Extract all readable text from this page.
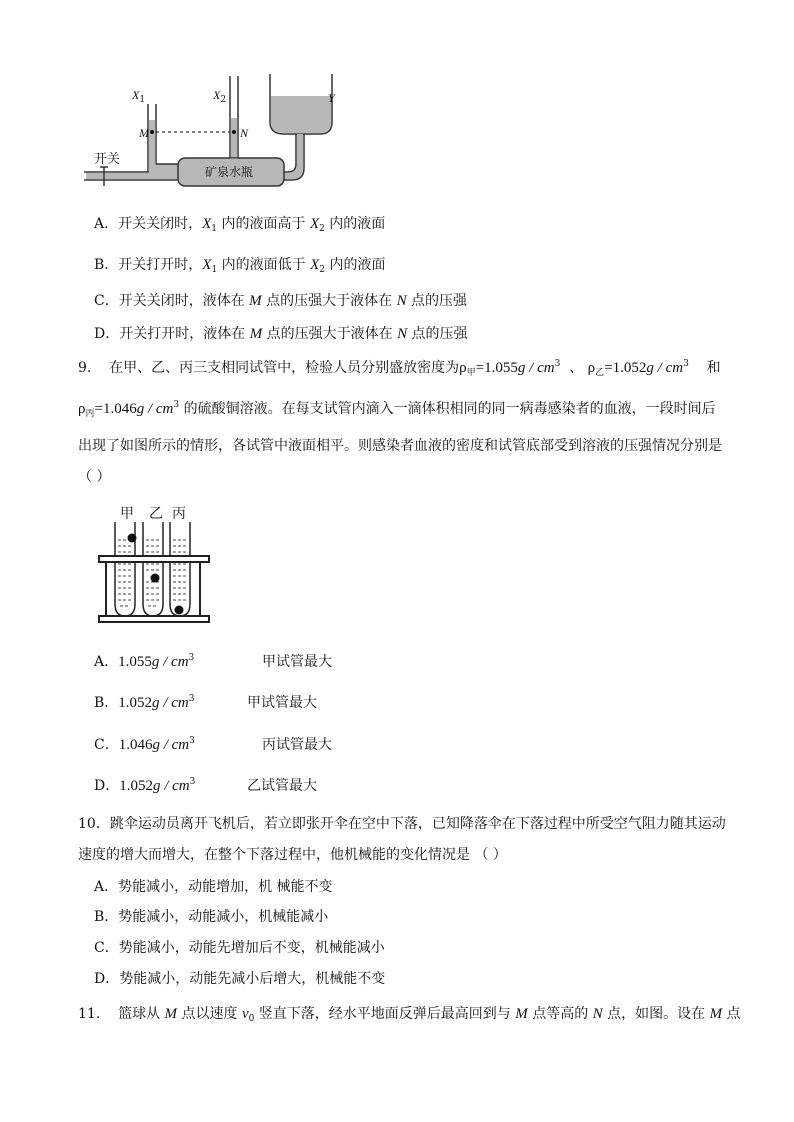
$X_1$	$X_2$	Y
M	N
开关
矿泉水瓶
A．开关关闭时，$X_1$ 内的液面高于 $X_2$ 内的液面
B．开关打开时，$X_1$ 内的液面低于 $X_2$ 内的液面
C．开关关闭时，液体在 M 点的压强大于液体在 N 点的压强
D．开关打开时，液体在 M 点的压强大于液体在 N 点的压强
9. 在甲、乙、丙三支相同试管中，检验人员分别盛放密度为$\rho_甲=1.055g / cm^3$ 、 $\rho_乙=1.052g / cm^3$ 和
$\rho_丙=1.046g / cm^3$ 的硫酸铜溶液。在每支试管内滴入一滴体积相同的同一病毒感染者的血液，一段时间后
出现了如图所示的情形，各试管中液面相平。则感染者血液的密度和试管底部受到溶液的压强情况分别是
（ ）
甲 乙 丙
A．$1.055g / cm^3$	甲试管最大
B．$1.052g / cm^3$	甲试管最大
C．$1.046g / cm^3$	丙试管最大
D．$1.052g / cm^3$	乙试管最大
10．跳伞运动员离开飞机后，若立即张开伞在空中下落，已知降落伞在下落过程中所受空气阻力随其运动
速度的增大而增大，在整个下落过程中，他机械能的变化情况是 （ ）
A．势能减小，动能增加，机 械能不变
B．势能减小，动能减小，机械能减小
C．势能减小，动能先增加后不变，机械能减小
D．势能减小，动能先减小后增大，机械能不变
11. 篮球从 M 点以速度 $v_0$ 竖直下落，经水平地面反弹后最高回到与 M 点等高的 N 点，如图。设在 M 点
